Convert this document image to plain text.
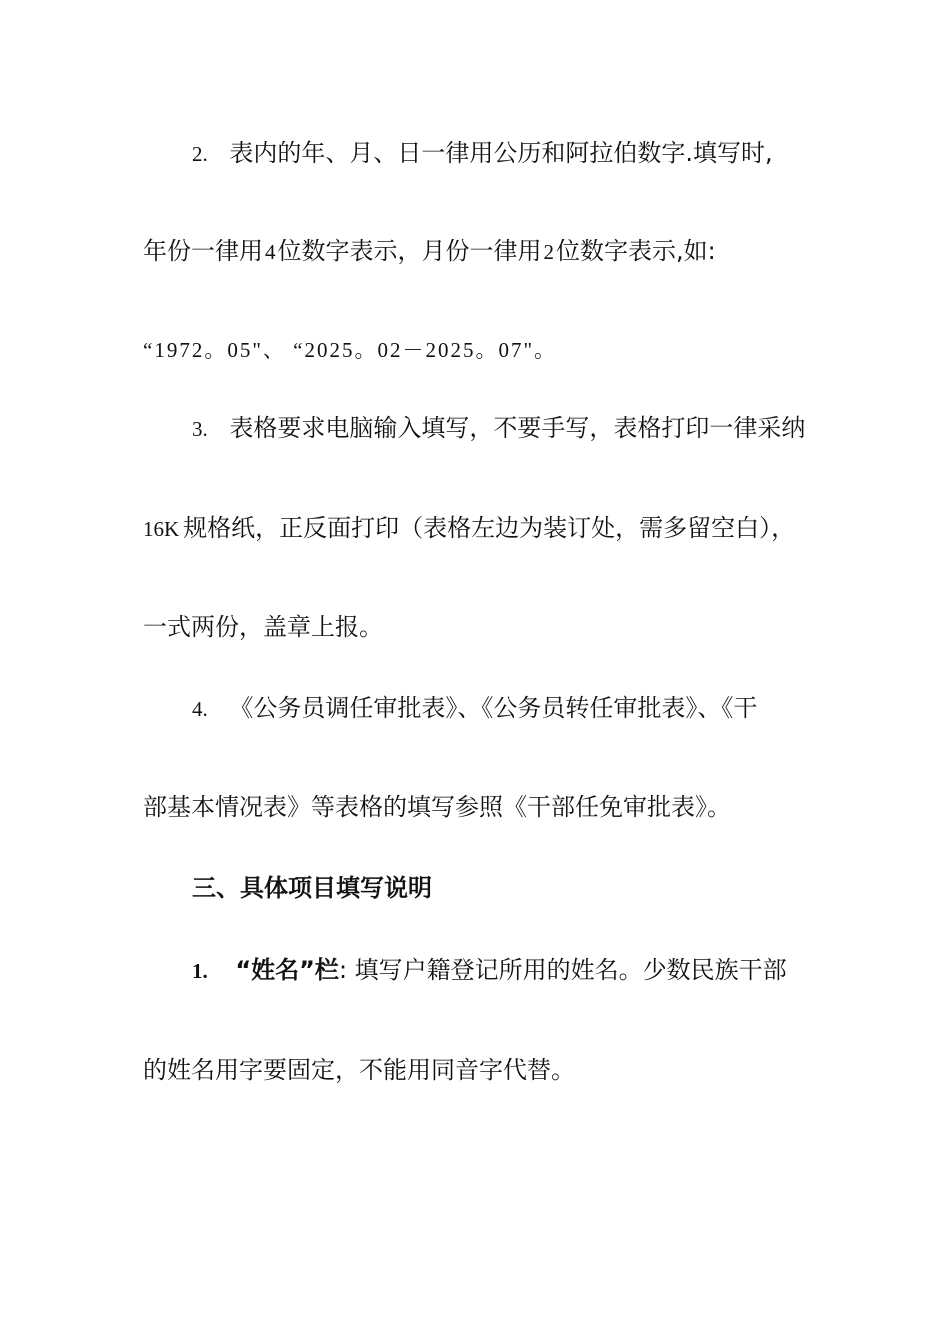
2. 表内的年、月、日一律用公历和阿拉伯数字.填写时,
年份一律用4位数字表示，月份一律用2位数字表示,如:
“1972。05"、 “2025。02－2025。07"。
3. 表格要求电脑输入填写，不要手写，表格打印一律采纳
16K 规格纸，正反面打印（表格左边为装订处，需多留空白），
一式两份，盖章上报。
4. 《公务员调任审批表》、《公务员转任审批表》、《干
部基本情况表》等表格的填写参照《干部任免审批表》。
三、具体项目填写说明
1. “姓名”栏: 填写户籍登记所用的姓名。少数民族干部
的姓名用字要固定，不能用同音字代替。
